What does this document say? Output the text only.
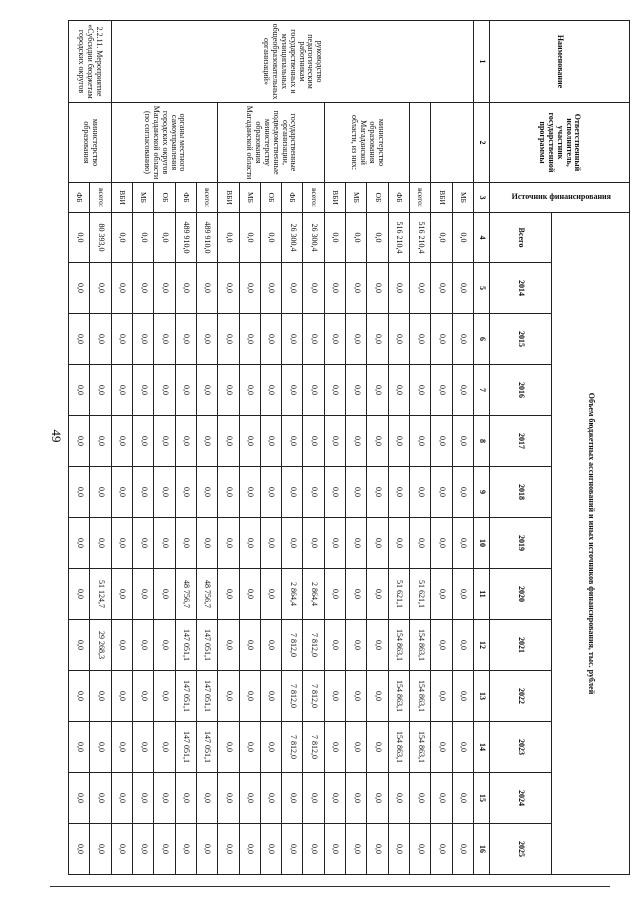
49
Наименование	Ответственный исполнитель, участник государственной программы	Источник финансирования	Объем бюджетных ассигнований и иных источников финансирования, тыс. рублей												
			Всего	2014	2015	2016	2017	2018	2019	2020	2021	2022	2023	2024	2025
1	2	3	4	5	6	7	8	9	10	11	12	13	14	15	16
руководство педагогическим работникам государственных и муниципальных общеобразовательных организаций»		МБ	0,0	0,0	0,0	0,0	0,0	0,0	0,0	0,0	0,0	0,0	0,0	0,0	0,0
		ВБИ	0,0	0,0	0,0	0,0	0,0	0,0	0,0	0,0	0,0	0,0	0,0	0,0	0,0
		всего:	516 210,4	0,0	0,0	0,0	0,0	0,0	0,0	51 621,1	154 863,1	154 863,1	154 863,1	0,0	0,0
	министерство образования Магаданской области, из них:	ФБ	516 210,4	0,0	0,0	0,0	0,0	0,0	0,0	51 621,1	154 863,1	154 863,1	154 863,1	0,0	0,0
		ОБ	0,0	0,0	0,0	0,0	0,0	0,0	0,0	0,0	0,0	0,0	0,0	0,0	0,0
		МБ	0,0	0,0	0,0	0,0	0,0	0,0	0,0	0,0	0,0	0,0	0,0	0,0	0,0
		ВБИ	0,0	0,0	0,0	0,0	0,0	0,0	0,0	0,0	0,0	0,0	0,0	0,0	0,0
	государственные организации, подведомственные министерству образования Магаданской области	всего:	26 300,4	0,0	0,0	0,0	0,0	0,0	0,0	2 864,4	7 812,0	7 812,0	7 812,0	0,0	0,0
		ФБ	26 300,4	0,0	0,0	0,0	0,0	0,0	0,0	2 864,4	7 812,0	7 812,0	7 812,0	0,0	0,0
		ОБ	0,0	0,0	0,0	0,0	0,0	0,0	0,0	0,0	0,0	0,0	0,0	0,0	0,0
		МБ	0,0	0,0	0,0	0,0	0,0	0,0	0,0	0,0	0,0	0,0	0,0	0,0	0,0
		ВБИ	0,0	0,0	0,0	0,0	0,0	0,0	0,0	0,0	0,0	0,0	0,0	0,0	0,0
	органы местного самоуправления городских округов Магаданской области (по согласованию)	всего:	489 910,0	0,0	0,0	0,0	0,0	0,0	0,0	48 756,7	147 051,1	147 051,1	147 051,1	0,0	0,0
		ФБ	489 910,0	0,0	0,0	0,0	0,0	0,0	0,0	48 756,7	147 051,1	147 051,1	147 051,1	0,0	0,0
		ОБ	0,0	0,0	0,0	0,0	0,0	0,0	0,0	0,0	0,0	0,0	0,0	0,0	0,0
		МБ	0,0	0,0	0,0	0,0	0,0	0,0	0,0	0,0	0,0	0,0	0,0	0,0	0,0
		ВБИ	0,0	0,0	0,0	0,0	0,0	0,0	0,0	0,0	0,0	0,0	0,0	0,0	0,0
2.2.11. Мероприятие «Субсидии бюджетам городских округов	министерство образования	всего:	80 393,0	0,0	0,0	0,0	0,0	0,0	0,0	51 124,7	29 268,3	0,0	0,0	0,0	0,0
		ФБ	0,0	0,0	0,0	0,0	0,0	0,0	0,0	0,0	0,0	0,0	0,0	0,0	0,0
